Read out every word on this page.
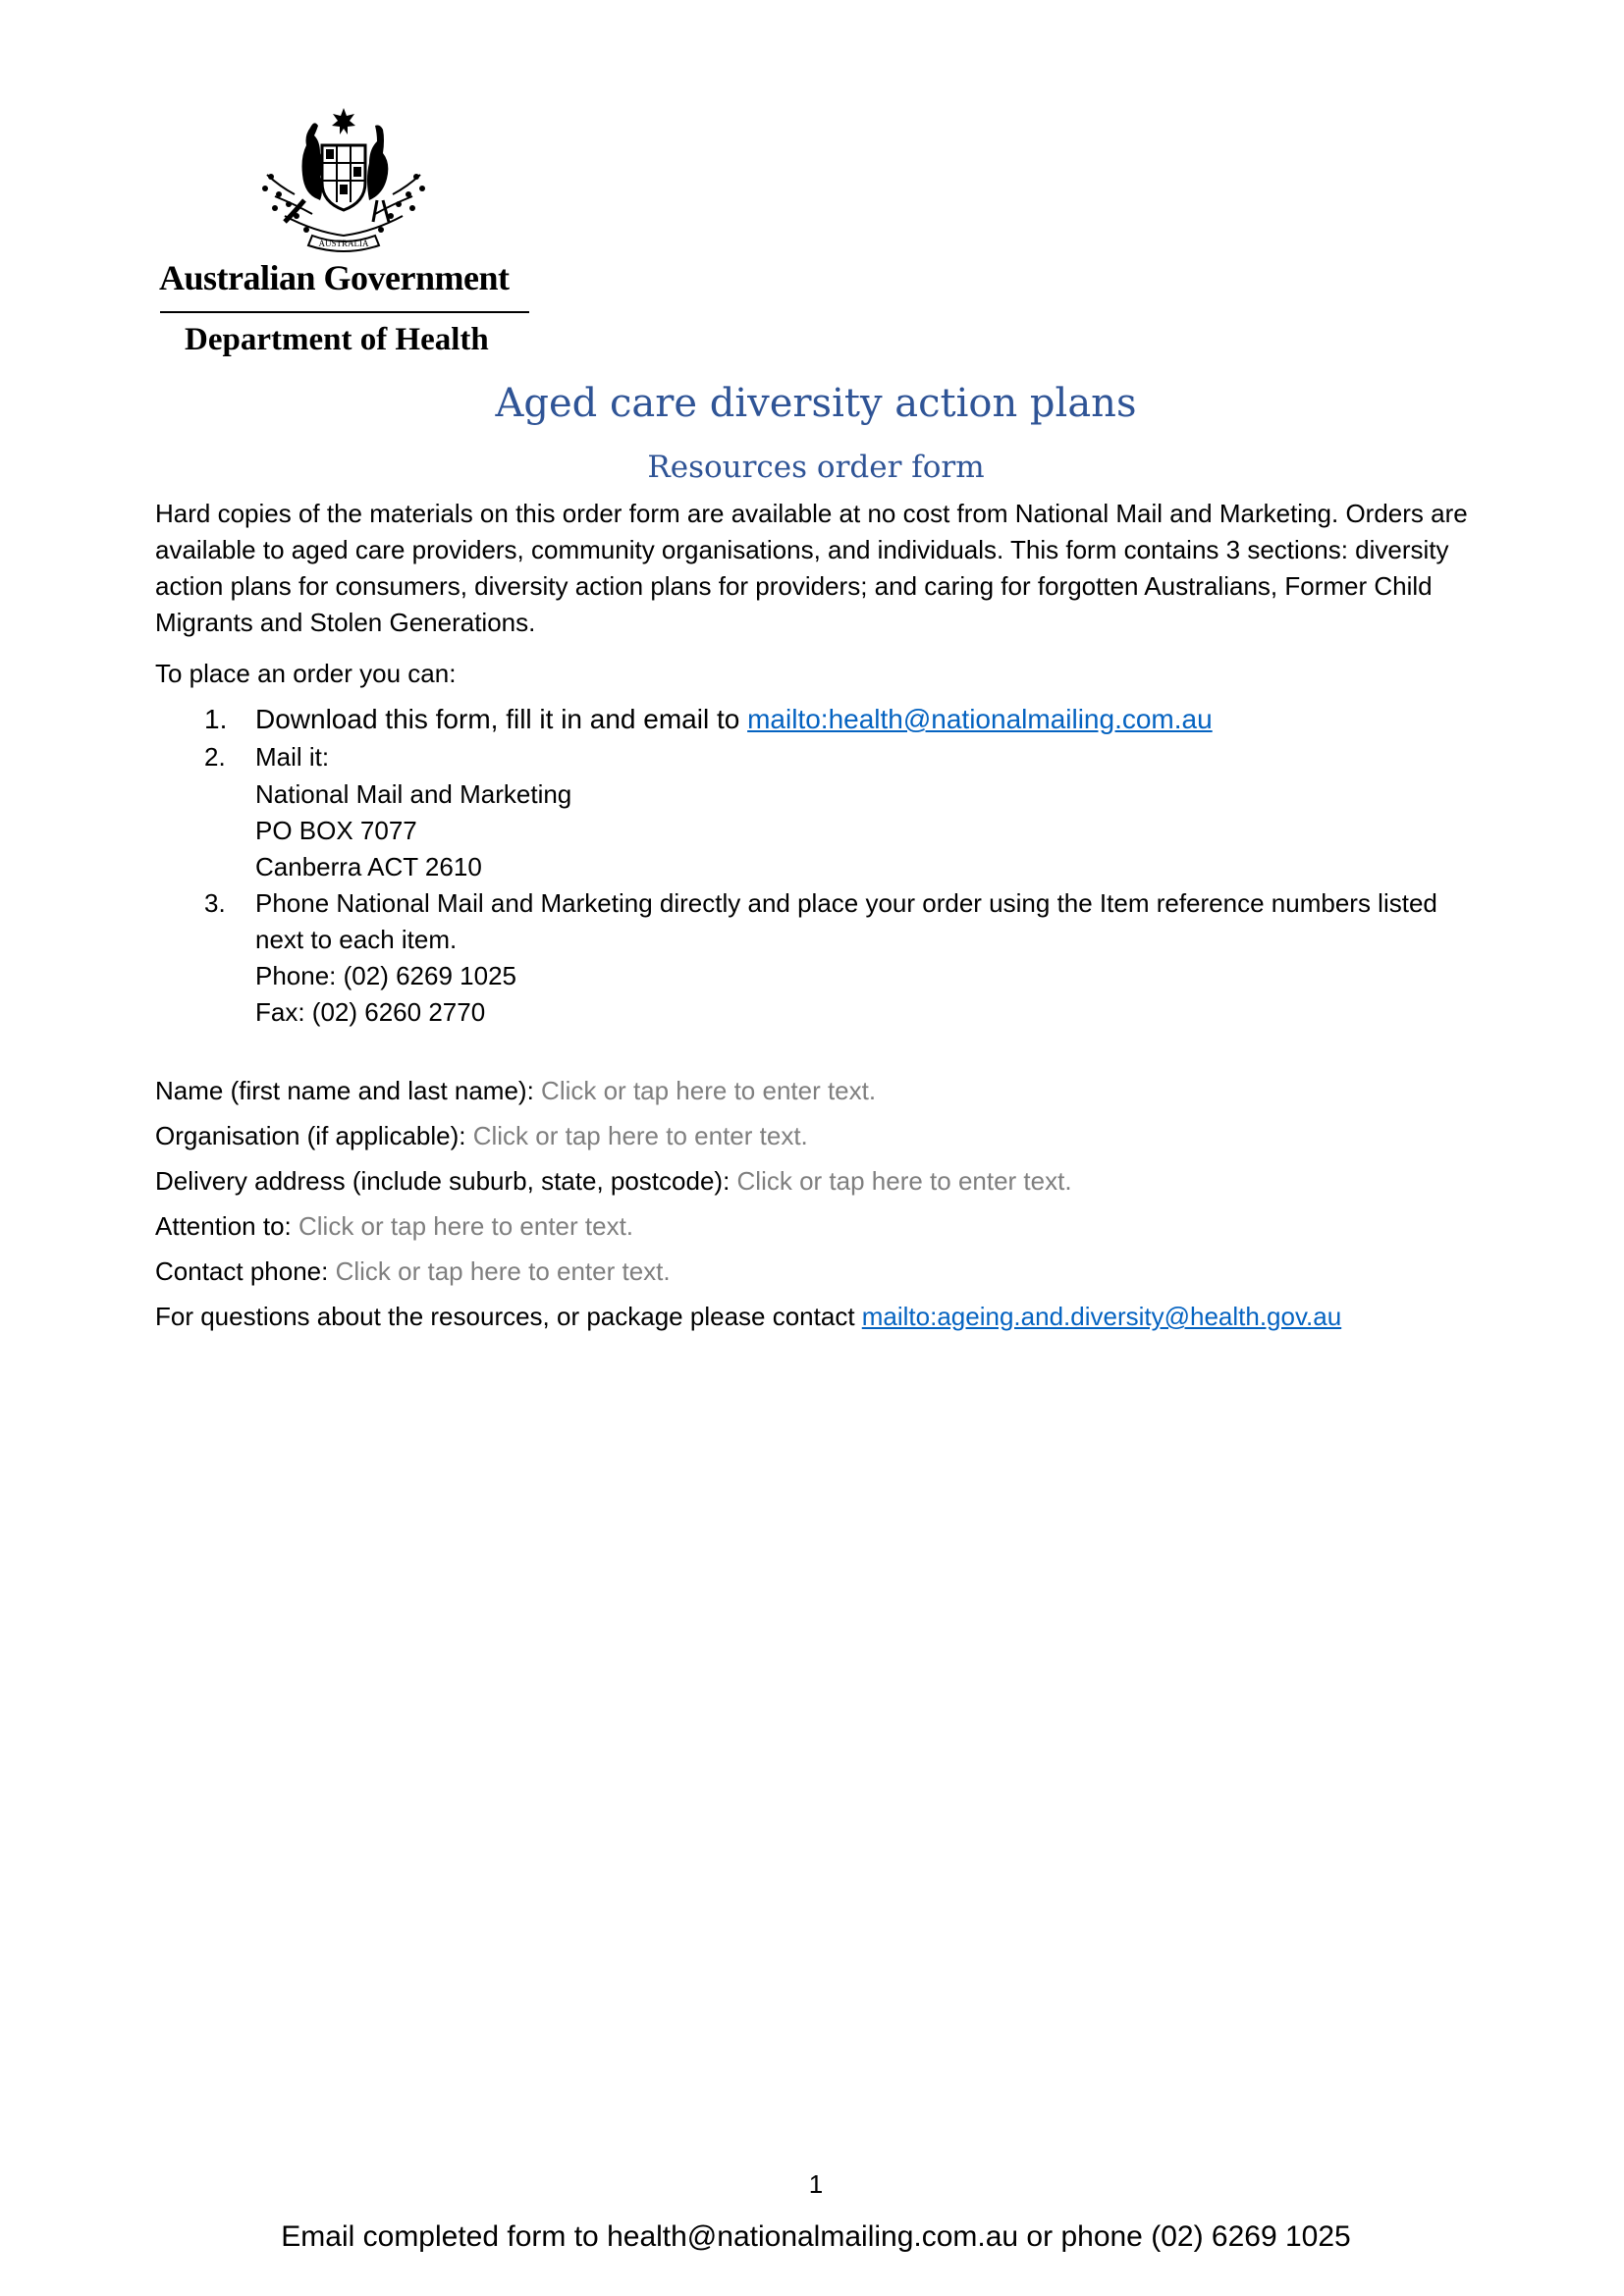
AUSTRALIA
Australian Government
Department of Health
Aged care diversity action plans
Resources order form

Hard copies of the materials on this order form are available at no cost from National Mail and Marketing. Orders are available to aged care providers, community organisations, and individuals. This form contains 3 sections: diversity action plans for consumers, diversity action plans for providers; and caring for forgotten Australians, Former Child Migrants and Stolen Generations.

To place an order you can:

1. Download this form, fill it in and email to mailto:health@nationalmailing.com.au
2. Mail it:
National Mail and Marketing
PO BOX 7077
Canberra ACT 2610
3. Phone National Mail and Marketing directly and place your order using the Item reference numbers listed next to each item.
Phone: (02) 6269 1025
Fax: (02) 6260 2770
Name (first name and last name): Click or tap here to enter text.
Organisation (if applicable): Click or tap here to enter text.
Delivery address (include suburb, state, postcode): Click or tap here to enter text.
Attention to: Click or tap here to enter text.
Contact phone: Click or tap here to enter text.
For questions about the resources, or package please contact mailto:ageing.and.diversity@health.gov.au
1
Email completed form to health@nationalmailing.com.au or phone (02) 6269 1025
